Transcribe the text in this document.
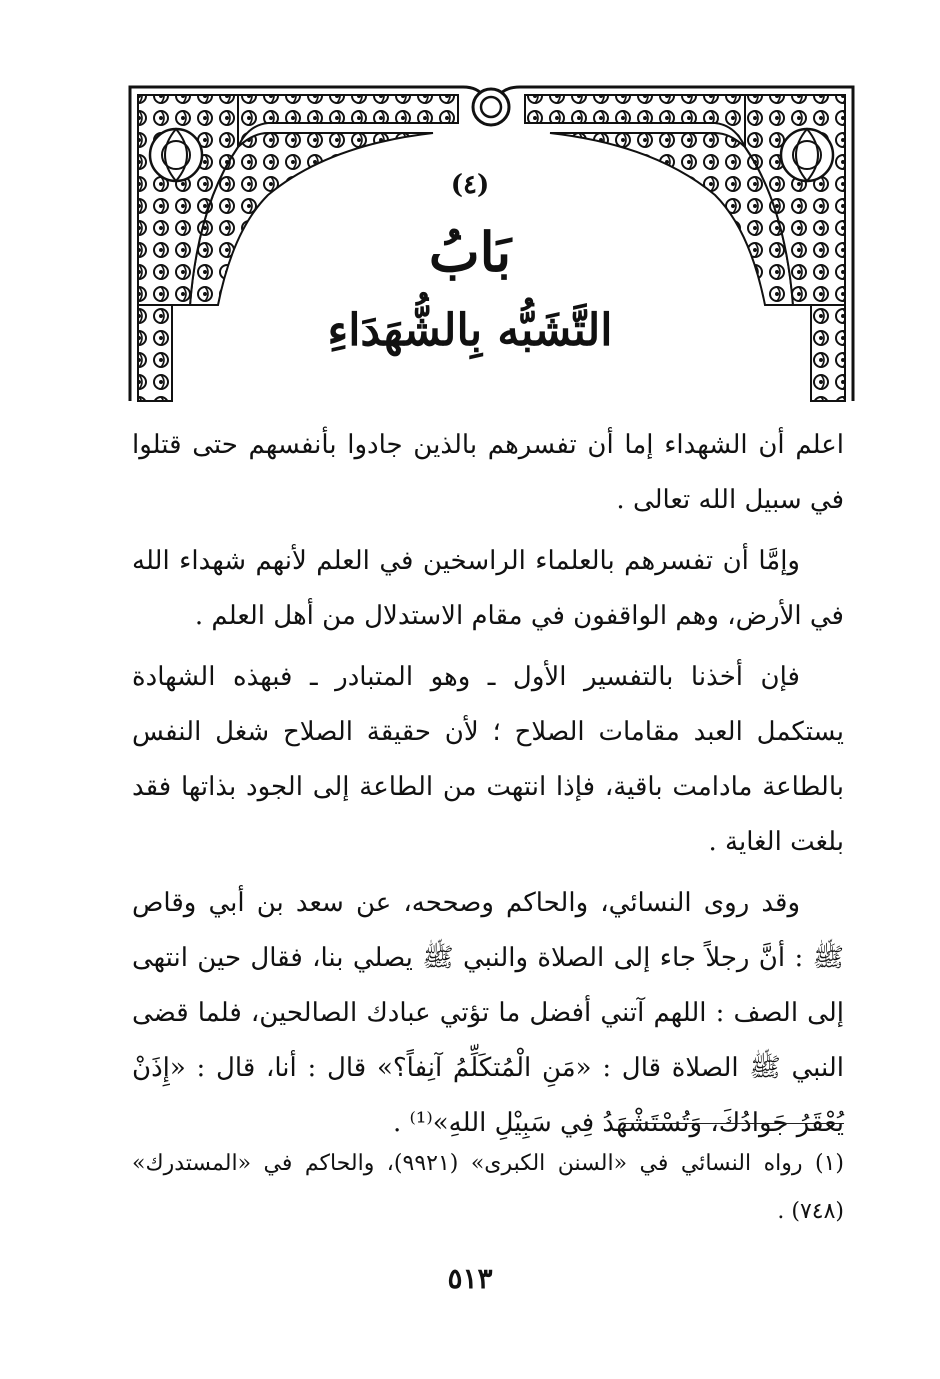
(٤)
بَابُ
التَّشَبُّه بِالشُّهَدَاءِ

اعلم أن الشهداء إما أن تفسرهم بالذين جادوا بأنفسهم حتى قتلوا في سبيل الله تعالى .

وإمَّا أن تفسرهم بالعلماء الراسخين في العلم لأنهم شهداء الله في الأرض، وهم الواقفون في مقام الاستدلال من أهل العلم .

فإن أخذنا بالتفسير الأول ـ وهو المتبادر ـ فبهذه الشهادة يستكمل العبد مقامات الصلاح ؛ لأن حقيقة الصلاح شغل النفس بالطاعة مادامت باقية، فإذا انتهت من الطاعة إلى الجود بذاتها فقد بلغت الغاية .

وقد روى النسائي، والحاكم وصححه، عن سعد بن أبي وقاص ﷺ : أنَّ رجلاً جاء إلى الصلاة والنبي ﷺ يصلي بنا، فقال حين انتهى إلى الصف : اللهم آتني أفضل ما تؤتي عبادك الصالحين، فلما قضى النبي ﷺ الصلاة قال : «مَنِ الْمُتكَلِّمُ آنِفاً؟» قال : أنا، قال : «إِذَنْ يُعْقَرُ جَوادُكَ، وَتُسْتَشْهَدُ فِي سَبِيْلِ اللهِ»⁽¹⁾ .

(١) رواه النسائي في «السنن الكبرى» (٩٩٢١)، والحاكم في «المستدرك» (٧٤٨) .
٥١٣
